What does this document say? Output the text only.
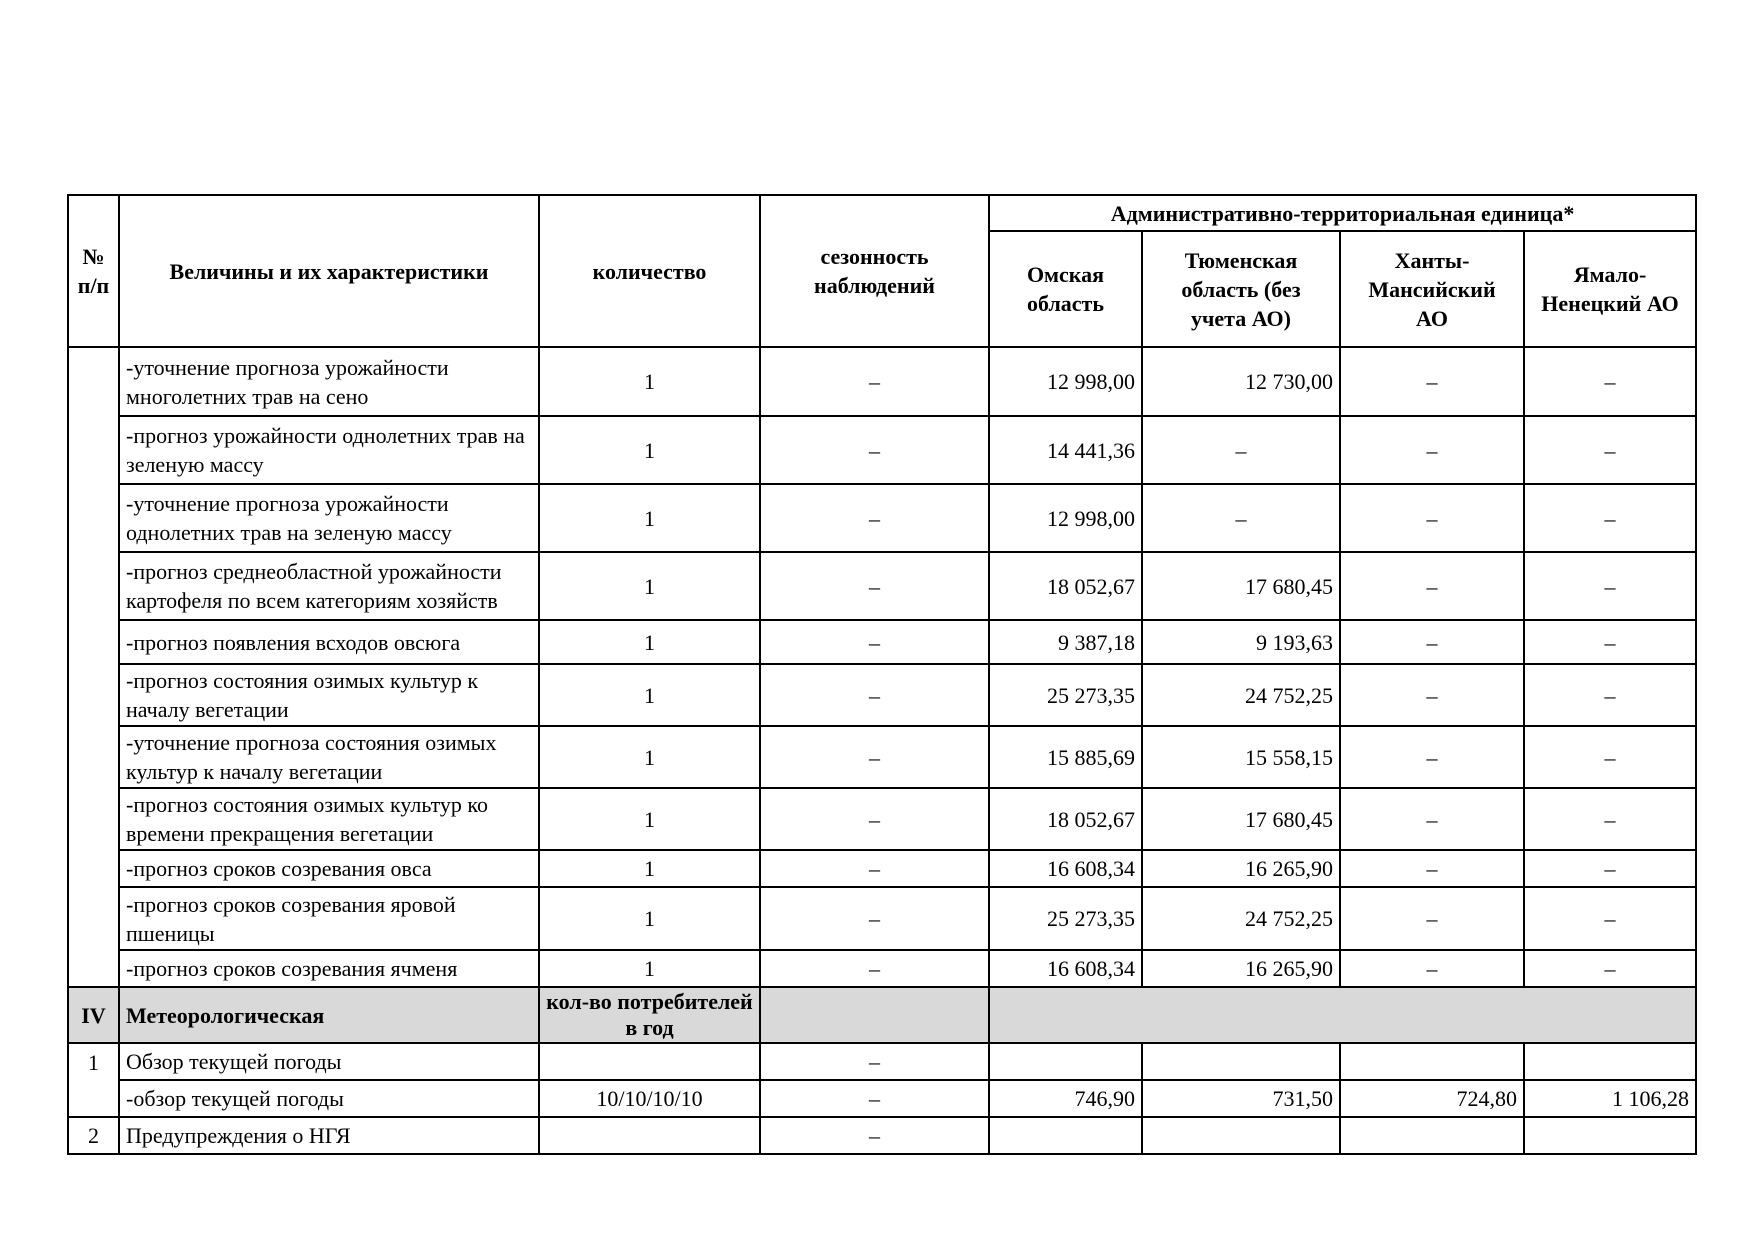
№
п/п	Величины и их характеристики	количество	сезонность наблюдений	Административно-территориальная единица*			
				Омская область	Тюменская область (без учета АО)	Ханты-Мансийский АО	Ямало-Ненецкий АО
	-уточнение прогноза урожайности многолетних трав на сено	1	–	12 998,00	12 730,00	–	–
	-прогноз урожайности однолетних трав на зеленую массу	1	–	14 441,36	–	–	–
	-уточнение прогноза урожайности однолетних трав на зеленую массу	1	–	12 998,00	–	–	–
	-прогноз среднеобластной урожайности картофеля по всем категориям хозяйств	1	–	18 052,67	17 680,45	–	–
	-прогноз появления всходов овсюга	1	–	9 387,18	9 193,63	–	–
	-прогноз состояния озимых культур к началу вегетации	1	–	25 273,35	24 752,25	–	–
	-уточнение прогноза состояния озимых культур к началу вегетации	1	–	15 885,69	15 558,15	–	–
	-прогноз состояния озимых культур ко времени прекращения вегетации	1	–	18 052,67	17 680,45	–	–
	-прогноз сроков созревания овса	1	–	16 608,34	16 265,90	–	–
	-прогноз сроков созревания яровой пшеницы	1	–	25 273,35	24 752,25	–	–
	-прогноз сроков созревания ячменя	1	–	16 608,34	16 265,90	–	–
IV	Метеорологическая	кол-во потребителей в год					
1	Обзор текущей погоды		–				
	-обзор текущей погоды	10/10/10/10	–	746,90	731,50	724,80	1 106,28
2	Предупреждения о НГЯ		–				
